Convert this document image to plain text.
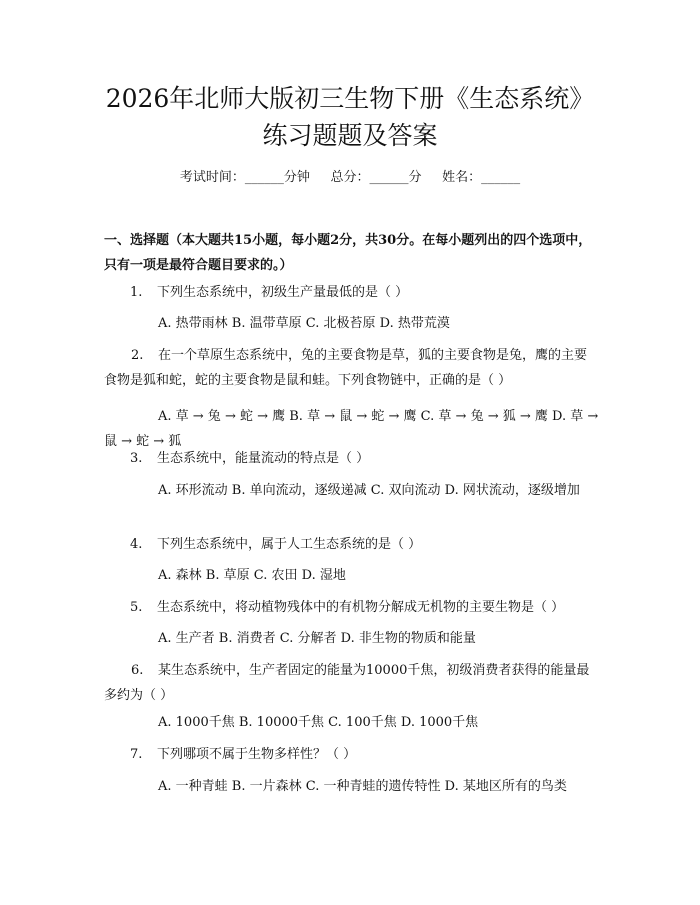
2026年北师大版初三生物下册《生态系统》
练习题题及答案
考试时间：______分钟     总分：______分     姓名：______
一、选择题（本大题共15小题，每小题2分，共30分。在每小题列出的四个选项中，只有一项是最符合题目要求的。）
1. 下列生态系统中，初级生产量最低的是（ ）
A. 热带雨林 B. 温带草原 C. 北极苔原 D. 热带荒漠
2. 在一个草原生态系统中，兔的主要食物是草，狐的主要食物是兔，鹰的主要食物是狐和蛇，蛇的主要食物是鼠和蛙。下列食物链中，正确的是（ ）
A. 草 → 兔 → 蛇 → 鹰 B. 草 → 鼠 → 蛇 → 鹰 C. 草 → 兔 → 狐 → 鹰 D. 草 → 鼠 → 蛇 → 狐
3. 生态系统中，能量流动的特点是（ ）
A. 环形流动 B. 单向流动，逐级递减 C. 双向流动 D. 网状流动，逐级增加
4. 下列生态系统中，属于人工生态系统的是（ ）
A. 森林 B. 草原 C. 农田 D. 湿地
5. 生态系统中，将动植物残体中的有机物分解成无机物的主要生物是（ ）
A. 生产者 B. 消费者 C. 分解者 D. 非生物的物质和能量
6. 某生态系统中，生产者固定的能量为10000千焦，初级消费者获得的能量最多约为（ ）
A. 1000千焦 B. 10000千焦 C. 100千焦 D. 1000千焦
7. 下列哪项不属于生物多样性？（ ）
A. 一种青蛙 B. 一片森林 C. 一种青蛙的遗传特性 D. 某地区所有的鸟类
